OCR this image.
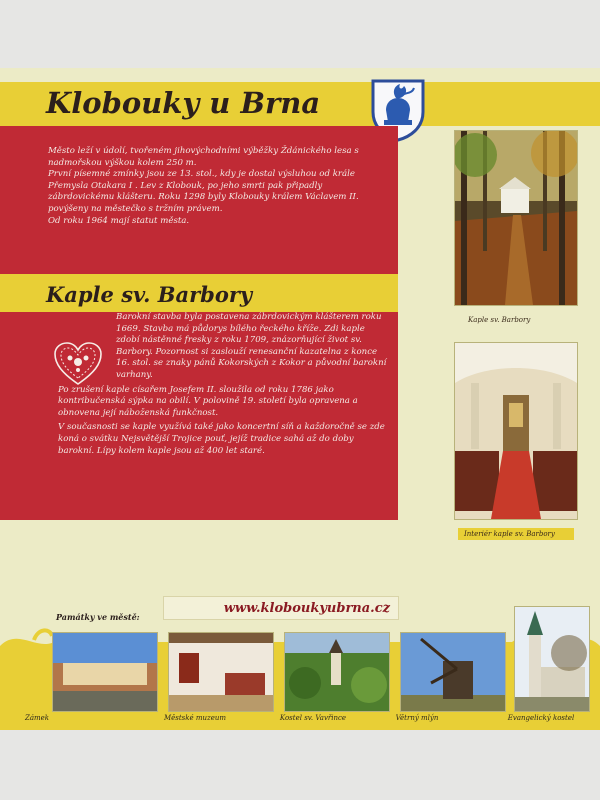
Klobouky u Brna

Město leží v údolí, tvořeném jihovýchodními výběžky Ždánického lesa s nadmořskou výškou kolem 250 m.

První písemné zmínky jsou ze 13. stol., kdy je dostal výsluhou od krále Přemysla Otakara I . Lev z Klobouk, po jeho smrti pak připadly zábrdovickému klášteru. Roku 1298 byly Klobouky králem Václavem II. povýšeny na městečko s tržním právem.

Od roku 1964 mají statut města.

Kaple sv. Barbory

Barokní stavba byla postavena zábrdovickým klášterem roku 1669. Stavba má půdorys bílého řeckého kříže. Zdi kaple zdobí nástěnné fresky z roku 1709, znázorňující život sv. Barbory. Pozornost si zaslouží renesanční kazatelna z konce 16. stol. se znaky pánů Kokorských z Kokor a původní barokní varhany.

Po zrušení kaple císařem Josefem II. sloužila od roku 1786 jako kontribučenská sýpka na obilí. V polovině 19. století byla opravena a obnovena její náboženská funkčnost.

V současnosti se kaple využívá také jako koncertní síň a každoročně se zde koná o svátku Nejsvětější Trojice pouť, jejíž tradice sahá až do doby barokní. Lípy kolem kaple jsou až 400 let staré.

Kaple sv. Barbory
Interiér kaple sv. Barbory
www.kloboukyubrna.cz
Památky ve městě:
Zámek	Městské muzeum	Kostel sv. Vavřince	Větrný mlýn	Evangelický kostel
